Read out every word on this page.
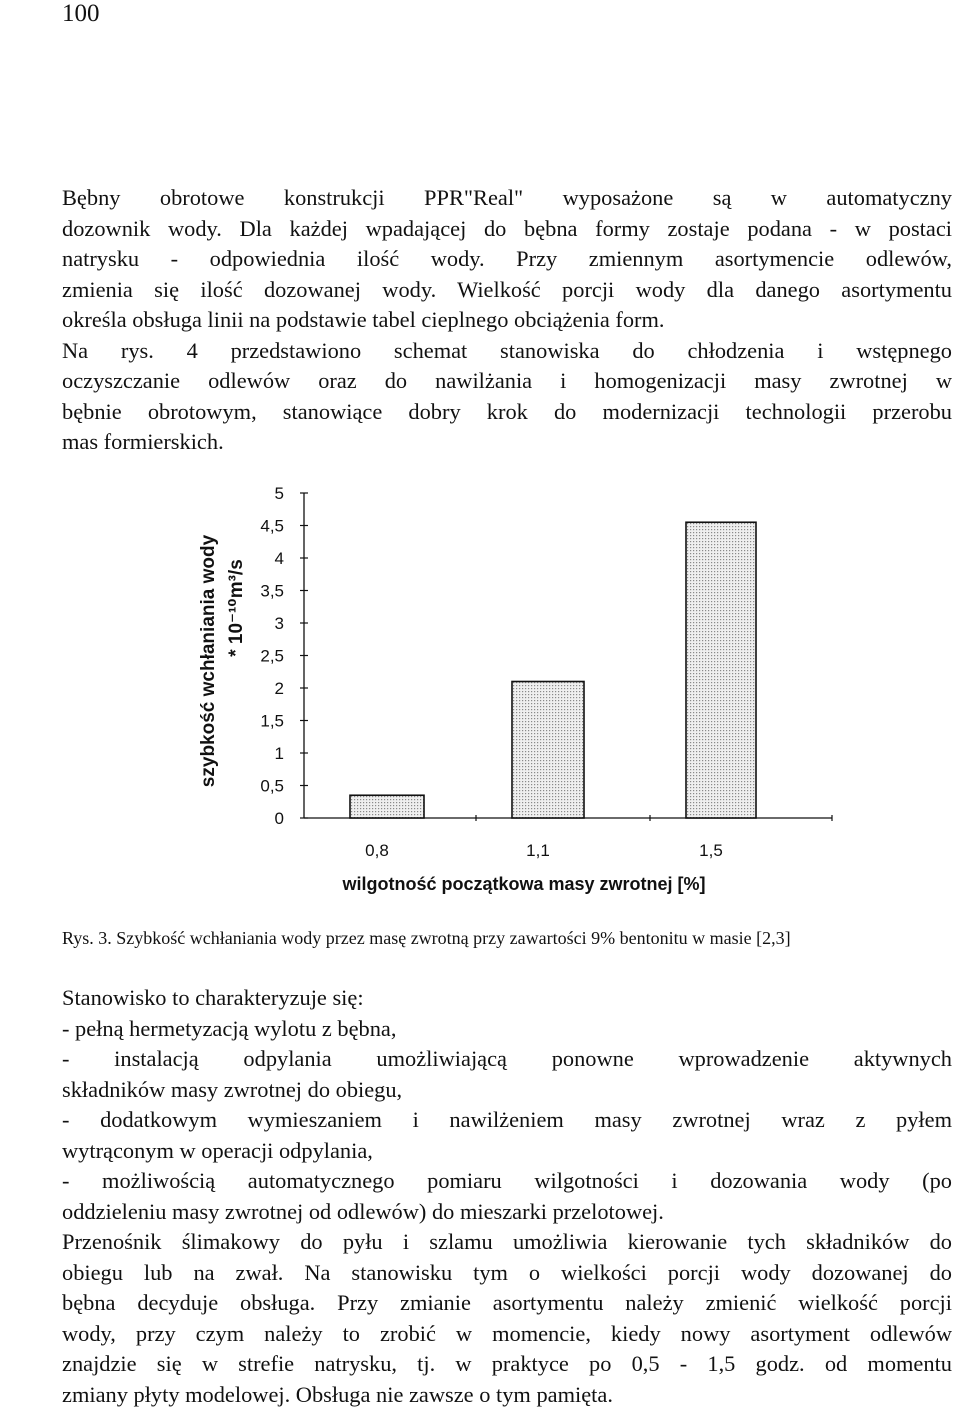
100
Bębny obrotowe konstrukcji PPR"Real" wyposażone są w automatyczny
dozownik wody. Dla każdej wpadającej do bębna formy zostaje podana - w postaci
natrysku - odpowiednia ilość wody. Przy zmiennym asortymencie odlewów,
zmienia się ilość dozowanej wody. Wielkość porcji wody dla danego asortymentu
określa obsługa linii na podstawie tabel cieplnego obciążenia form.
Na rys. 4 przedstawiono schemat stanowiska do chłodzenia i wstępnego
oczyszczanie odlewów oraz do nawilżania i homogenizacji masy zwrotnej w
bębnie obrotowym, stanowiące dobry krok do modernizacji technologii przerobu
mas formierskich.
szybkość wchłaniania wody * 10⁻¹⁰m³/s
0
0,5
1
1,5
2
2,5
3
3,5
4
4,5
5
0,8	1,1	1,5
wilgotność początkowa masy zwrotnej [%]
Rys. 3. Szybkość wchłaniania wody przez masę zwrotną przy zawartości 9% bentonitu w masie [2,3]
Stanowisko to charakteryzuje się:
- pełną hermetyzacją wylotu z bębna,
- instalacją odpylania umożliwiającą ponowne wprowadzenie aktywnych
składników masy zwrotnej do obiegu,
- dodatkowym wymieszaniem i nawilżeniem masy zwrotnej wraz z pyłem
wytrąconym w operacji odpylania,
- możliwością automatycznego pomiaru wilgotności i dozowania wody (po
oddzieleniu masy zwrotnej od odlewów) do mieszarki przelotowej.
Przenośnik ślimakowy do pyłu i szlamu umożliwia kierowanie tych składników do
obiegu lub na zwał. Na stanowisku tym o wielkości porcji wody dozowanej do
bębna decyduje obsługa. Przy zmianie asortymentu należy zmienić wielkość porcji
wody, przy czym należy to zrobić w momencie, kiedy nowy asortyment odlewów
znajdzie się w strefie natrysku, tj. w praktyce po 0,5 - 1,5 godz. od momentu
zmiany płyty modelowej. Obsługa nie zawsze o tym pamięta.
